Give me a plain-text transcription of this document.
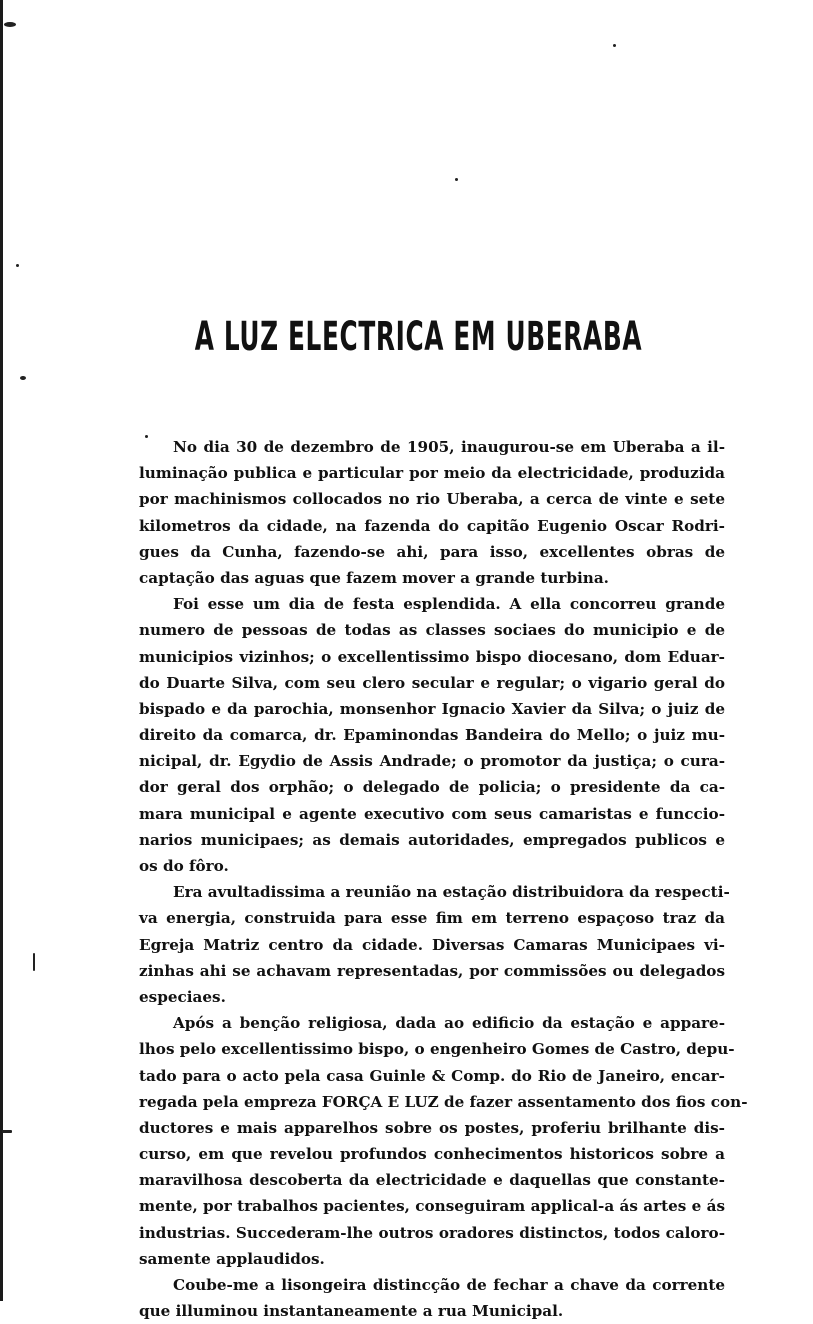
A LUZ ELECTRICA EM UBERABA
No dia 30 de dezembro de 1905, inaugurou-se em Uberaba a il-
luminação publica e particular por meio da electricidade, produzida
por machinismos collocados no rio Uberaba, a cerca de vinte e sete
kilometros da cidade, na fazenda do capitão Eugenio Oscar Rodri-
gues da Cunha, fazendo-se ahi, para isso, excellentes obras de
captação das aguas que fazem mover a grande turbina.
Foi esse um dia de festa esplendida. A ella concorreu grande
numero de pessoas de todas as classes sociaes do municipio e de
municipios vizinhos; o excellentissimo bispo diocesano, dom Eduar-
do Duarte Silva, com seu clero secular e regular; o vigario geral do
bispado e da parochia, monsenhor Ignacio Xavier da Silva; o juiz de
direito da comarca, dr. Epaminondas Bandeira do Mello; o juiz mu-
nicipal, dr. Egydio de Assis Andrade; o promotor da justiça; o cura-
dor geral dos orphão; o delegado de policia; o presidente da ca-
mara municipal e agente executivo com seus camaristas e funccio-
narios municipaes; as demais autoridades, empregados publicos e
os do fôro.
Era avultadissima a reunião na estação distribuidora da respecti-
va energia, construida para esse fim em terreno espaçoso traz da
Egreja Matriz centro da cidade. Diversas Camaras Municipaes vi-
zinhas ahi se achavam representadas, por commissões ou delegados
especiaes.
Após a benção religiosa, dada ao edificio da estação e appare-
lhos pelo excellentissimo bispo, o engenheiro Gomes de Castro, depu-
tado para o acto pela casa Guinle & Comp. do Rio de Janeiro, encar-
regada pela empreza FORÇA E LUZ de fazer assentamento dos fios con-
ductores e mais apparelhos sobre os postes, proferiu brilhante dis-
curso, em que revelou profundos conhecimentos historicos sobre a
maravilhosa descoberta da electricidade e daquellas que constante-
mente, por trabalhos pacientes, conseguiram applical-a ás artes e ás
industrias. Succederam-lhe outros oradores distinctos, todos caloro-
samente applaudidos.
Coube-me a lisongeira distincção de fechar a chave da corrente
que illuminou instantaneamente a rua Municipal.
